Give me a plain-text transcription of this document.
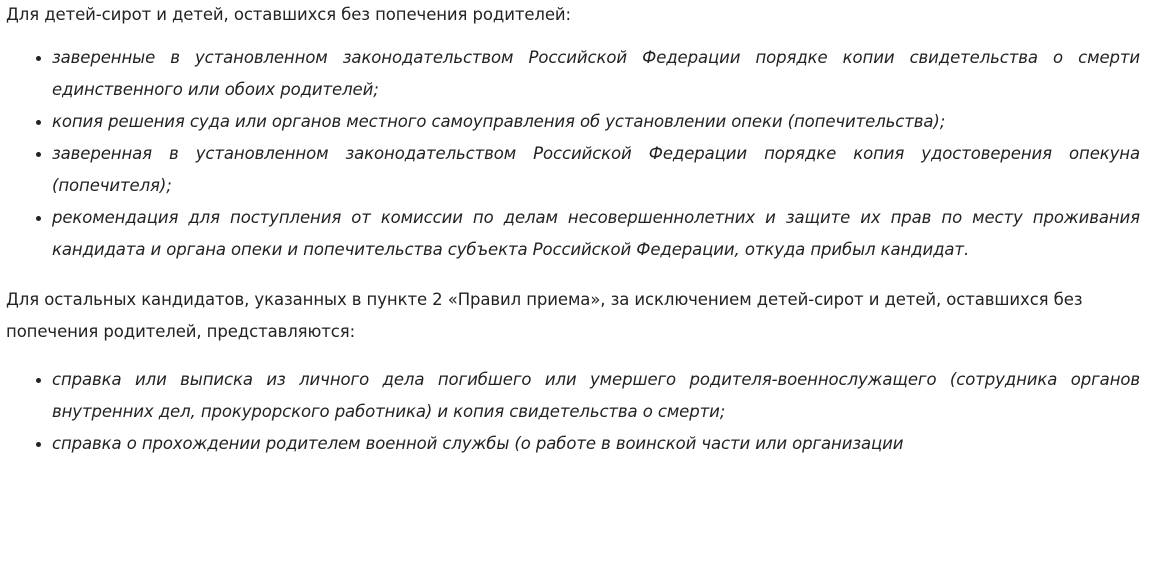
Для детей-сирот и детей, оставшихся без попечения родителей:

заверенные в установленном законодательством Российской Федерации порядке копии свидетельства о смерти единственного или обоих родителей;
копия решения суда или органов местного самоуправления об установлении опеки (попечительства);
заверенная в установленном законодательством Российской Федерации порядке копия удостоверения опекуна (попечителя);
рекомендация для поступления от комиссии по делам несовершеннолетних и защите их прав по месту проживания кандидата и органа опеки и попечительства субъекта Российской Федерации, откуда прибыл кандидат.

Для остальных кандидатов, указанных в пункте 2 «Правил приема», за исключением детей-сирот и детей, оставшихся без попечения родителей, представляются:

справка или выписка из личного дела погибшего или умершего родителя-военнослужащего (сотрудника органов внутренних дел, прокурорского работника) и копия свидетельства о смерти;
справка о прохождении родителем военной службы (о работе в воинской части или организации
